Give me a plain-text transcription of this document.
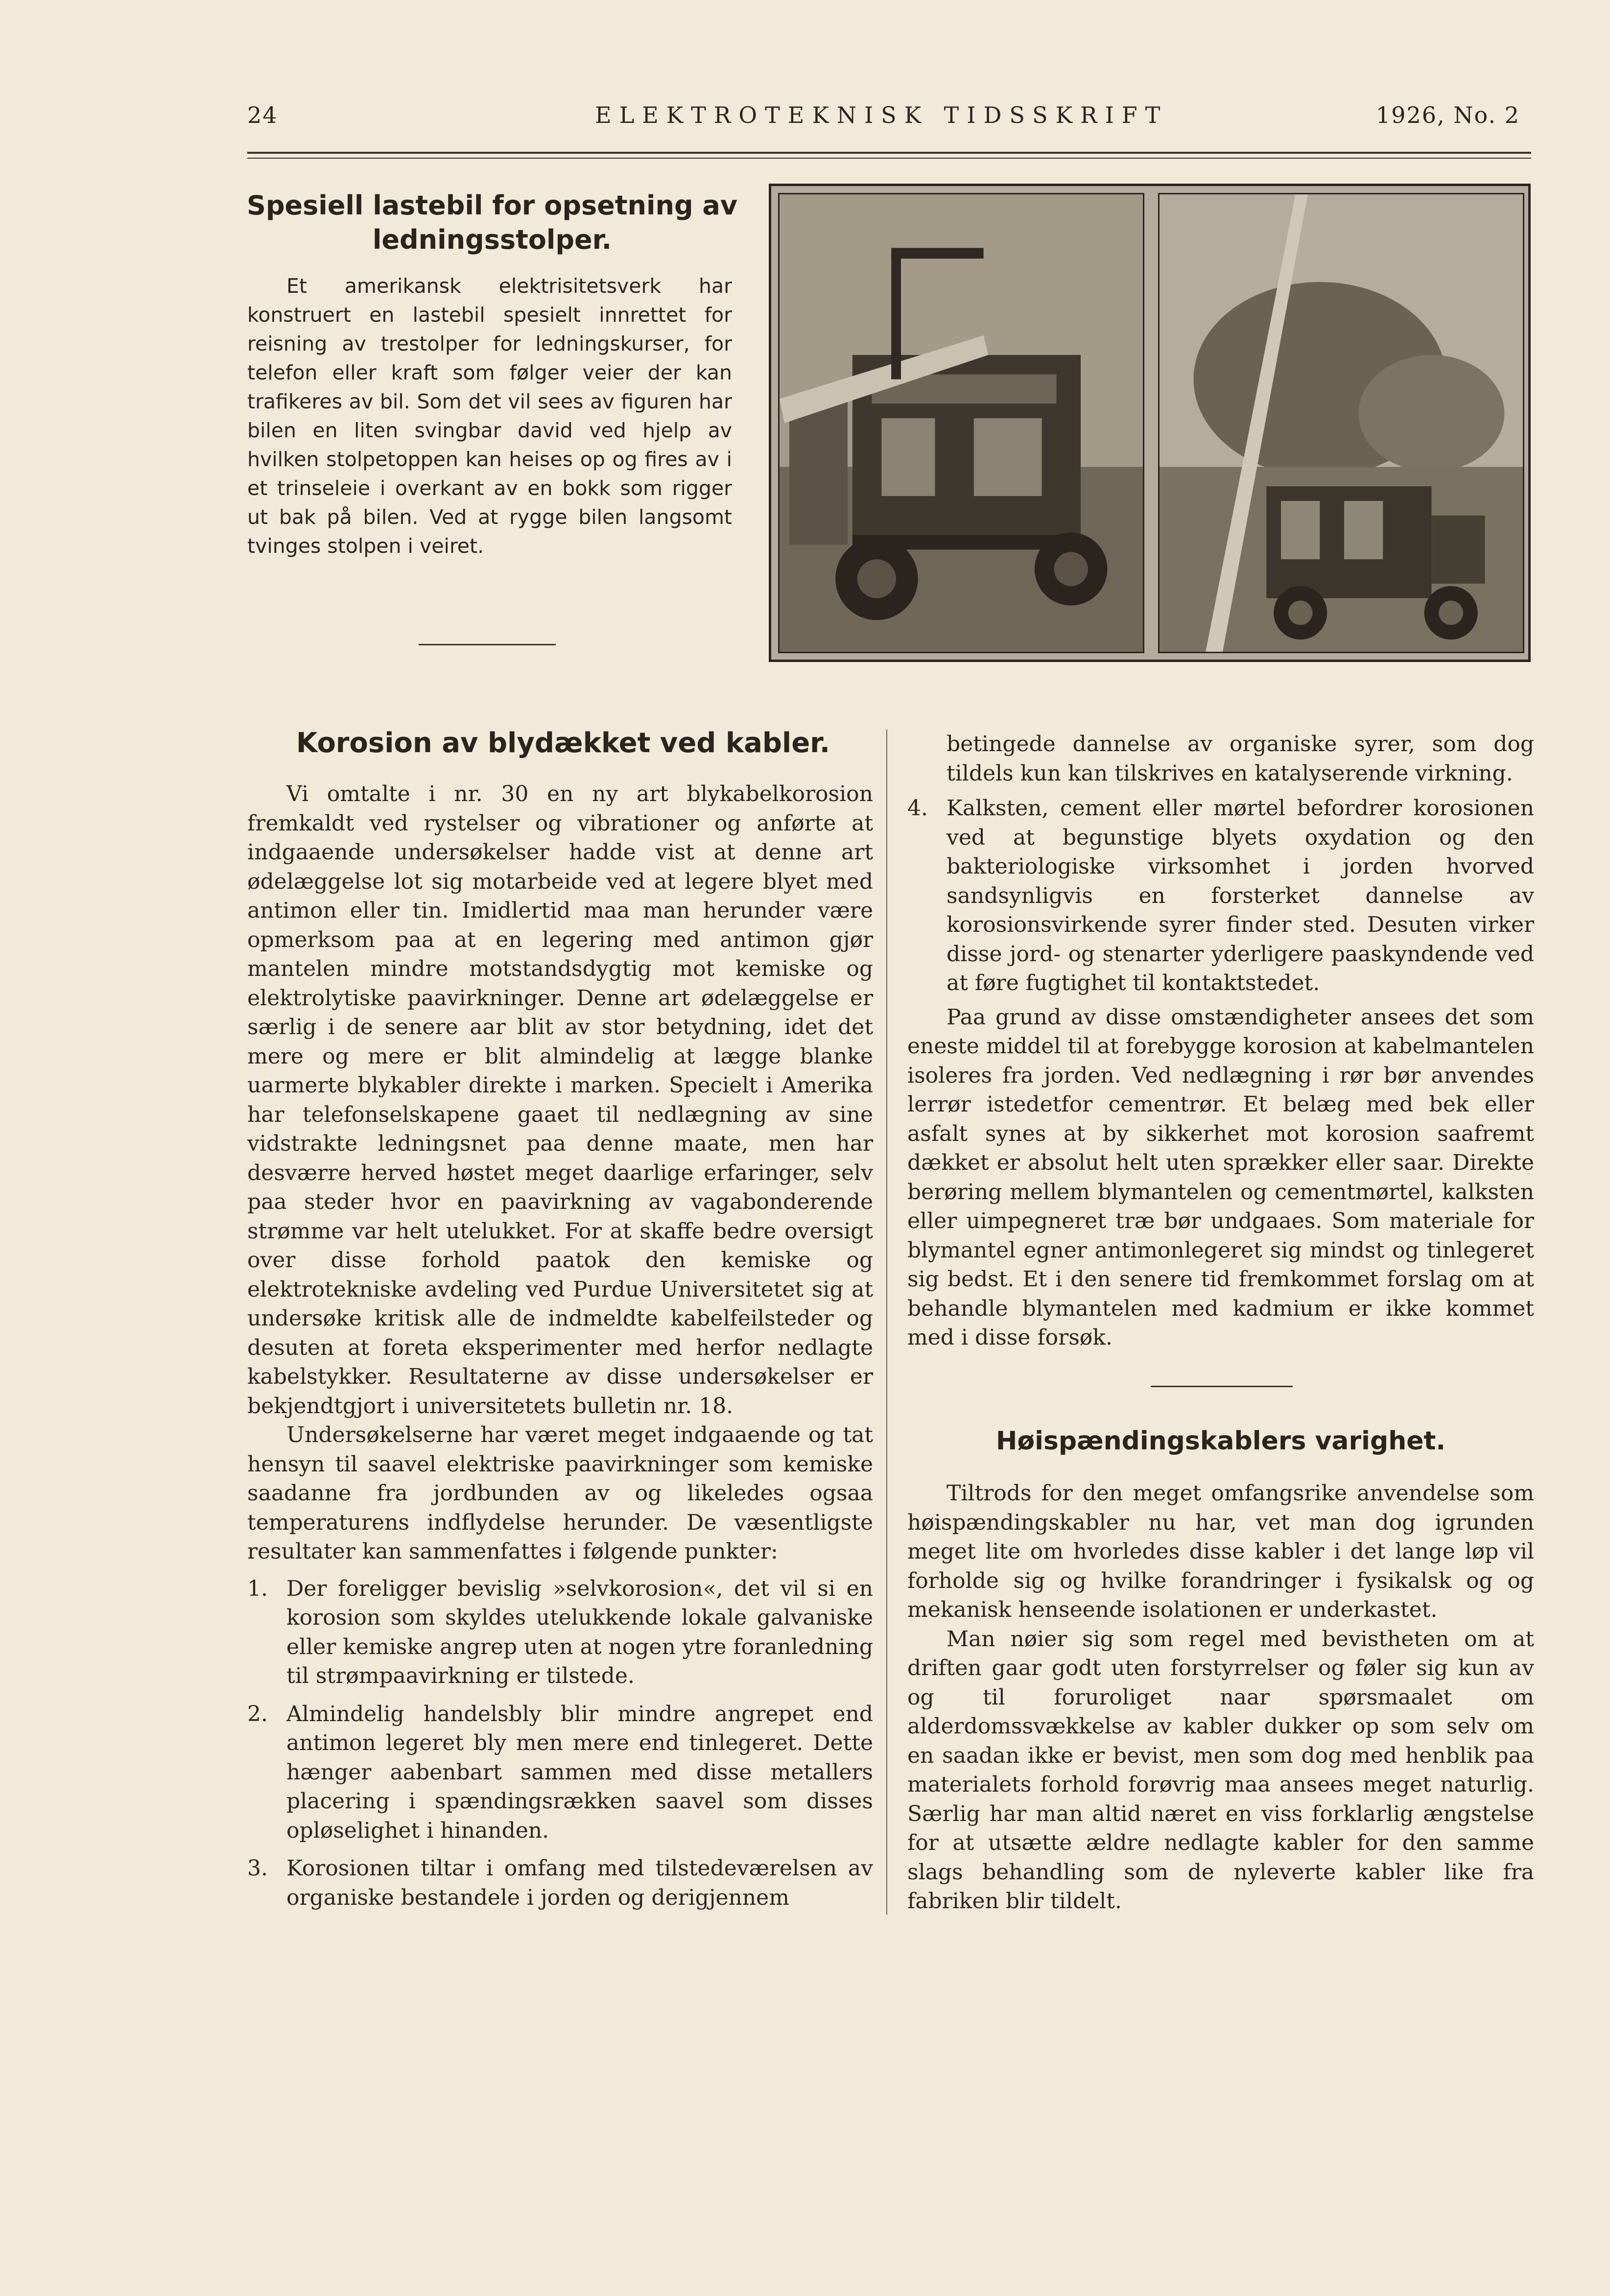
24	ELEKTROTEKNISK TIDSSKRIFT	1926, No. 2
Spesiell lastebil for opsetning av ledningsstolper.

Et amerikansk elektrisitetsverk har konstruert en lastebil spesielt innrettet for reisning av trestolper for ledningskurser, for telefon eller kraft som følger veier der kan trafikeres av bil. Som det vil sees av figuren har bilen en liten svingbar david ved hjelp av hvilken stolpetoppen kan heises op og fires av i et trinseleie i overkant av en bokk som rigger ut bak på bilen. Ved at rygge bilen langsomt tvinges stolpen i veiret.

Korosion av blydækket ved kabler.

Vi omtalte i nr. 30 en ny art blykabelkorosion fremkaldt ved rystelser og vibrationer og anførte at indgaaende undersøkelser hadde vist at denne art ødelæggelse lot sig motarbeide ved at legere blyet med antimon eller tin. Imidlertid maa man herunder være opmerksom paa at en legering med antimon gjør mantelen mindre motstandsdygtig mot kemiske og elektrolytiske paavirkninger. Denne art ødelæggelse er særlig i de senere aar blit av stor betydning, idet det mere og mere er blit almindelig at lægge blanke uarmerte blykabler direkte i marken. Specielt i Amerika har telefonselskapene gaaet til nedlægning av sine vidstrakte ledningsnet paa denne maate, men har desværre herved høstet meget daarlige erfaringer, selv paa steder hvor en paavirkning av vagabonderende strømme var helt utelukket. For at skaffe bedre oversigt over disse forhold paatok den kemiske og elektrotekniske avdeling ved Purdue Universitetet sig at undersøke kritisk alle de indmeldte kabelfeilsteder og desuten at foreta eksperimenter med herfor nedlagte kabelstykker. Resultaterne av disse undersøkelser er bekjendtgjort i universitetets bulletin nr. 18.

Undersøkelserne har været meget indgaaende og tat hensyn til saavel elektriske paavirkninger som kemiske saadanne fra jordbunden av og likeledes ogsaa temperaturens indflydelse herunder. De væsentligste resultater kan sammenfattes i følgende punkter:

1. Der foreligger bevislig »selvkorosion«, det vil si en korosion som skyldes utelukkende lokale galvaniske eller kemiske angrep uten at nogen ytre foranledning til strømpaavirkning er tilstede.
2. Almindelig handelsbly blir mindre angrepet end antimon legeret bly men mere end tinlegeret. Dette hænger aabenbart sammen med disse metallers placering i spændingsrækken saavel som disses opløselighet i hinanden.
3. Korosionen tiltar i omfang med tilstedeværelsen av organiske bestandele i jorden og derigjennem

betingede dannelse av organiske syrer, som dog tildels kun kan tilskrives en katalyserende virkning.

4. Kalksten, cement eller mørtel befordrer korosionen ved at begunstige blyets oxydation og den bakteriologiske virksomhet i jorden hvorved sandsynligvis en forsterket dannelse av korosionsvirkende syrer finder sted. Desuten virker disse jord- og stenarter yderligere paaskyndende ved at føre fugtighet til kontaktstedet.

Paa grund av disse omstændigheter ansees det som eneste middel til at forebygge korosion at kabelmantelen isoleres fra jorden. Ved nedlægning i rør bør anvendes lerrør istedetfor cementrør. Et belæg med bek eller asfalt synes at by sikkerhet mot korosion saafremt dækket er absolut helt uten sprækker eller saar. Direkte berøring mellem blymantelen og cementmørtel, kalksten eller uimpegneret træ bør undgaaes. Som materiale for blymantel egner antimonlegeret sig mindst og tinlegeret sig bedst. Et i den senere tid fremkommet forslag om at behandle blymantelen med kadmium er ikke kommet med i disse forsøk.

Høispændingskablers varighet.

Tiltrods for den meget omfangsrike anvendelse som høispændingskabler nu har, vet man dog igrunden meget lite om hvorledes disse kabler i det lange løp vil forholde sig og hvilke forandringer i fysikalsk og og mekanisk henseende isolationen er underkastet.

Man nøier sig som regel med bevistheten om at driften gaar godt uten forstyrrelser og føler sig kun av og til foruroliget naar spørsmaalet om alderdomssvækkelse av kabler dukker op som selv om en saadan ikke er bevist, men som dog med henblik paa materialets forhold forøvrig maa ansees meget naturlig. Særlig har man altid næret en viss forklarlig ængstelse for at utsætte ældre nedlagte kabler for den samme slags behandling som de nyleverte kabler like fra fabriken blir tildelt.
